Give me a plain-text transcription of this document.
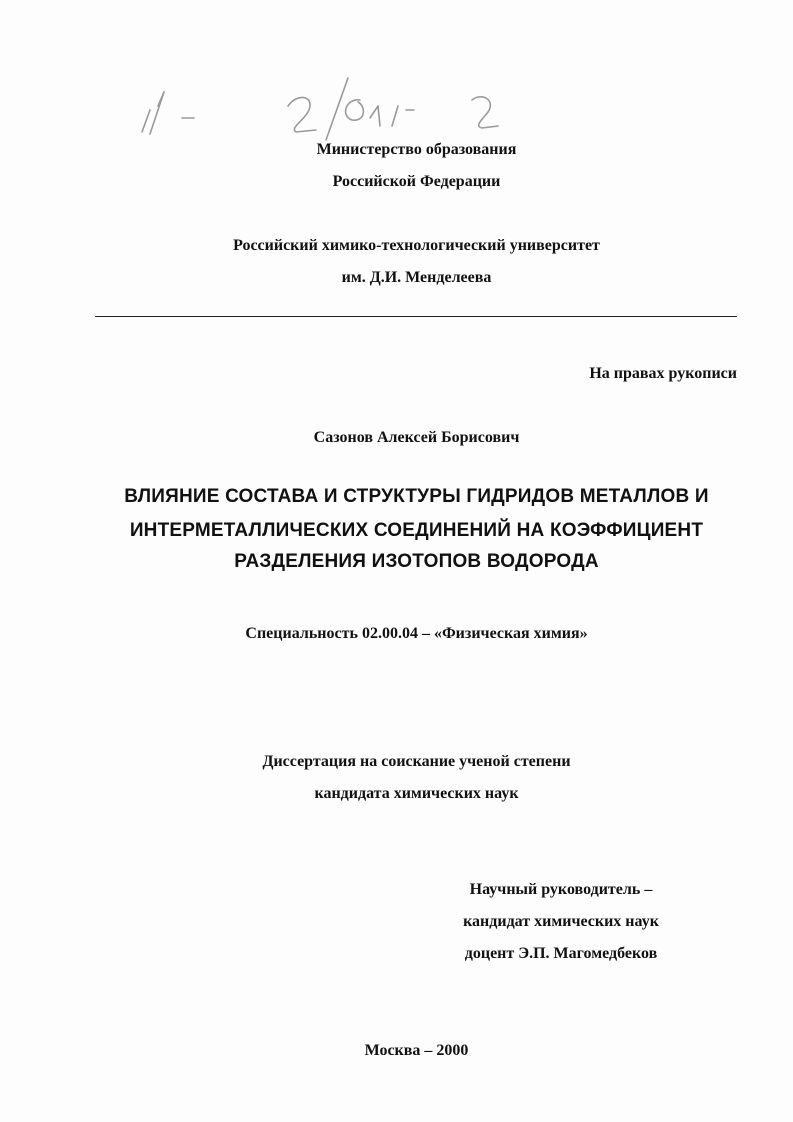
Министерство образования
Российской Федерации
Российский химико-технологический университет
им. Д.И. Менделеева
На правах рукописи
Сазонов Алексей Борисович
ВЛИЯНИЕ СОСТАВА И СТРУКТУРЫ ГИДРИДОВ МЕТАЛЛОВ И
ИНТЕРМЕТАЛЛИЧЕСКИХ СОЕДИНЕНИЙ НА КОЭФФИЦИЕНТ
РАЗДЕЛЕНИЯ ИЗОТОПОВ ВОДОРОДА
Специальность 02.00.04 – «Физическая химия»
Диссертация на соискание ученой степени
кандидата химических наук
Научный руководитель –
кандидат химических наук
доцент Э.П. Магомедбеков
Москва – 2000
